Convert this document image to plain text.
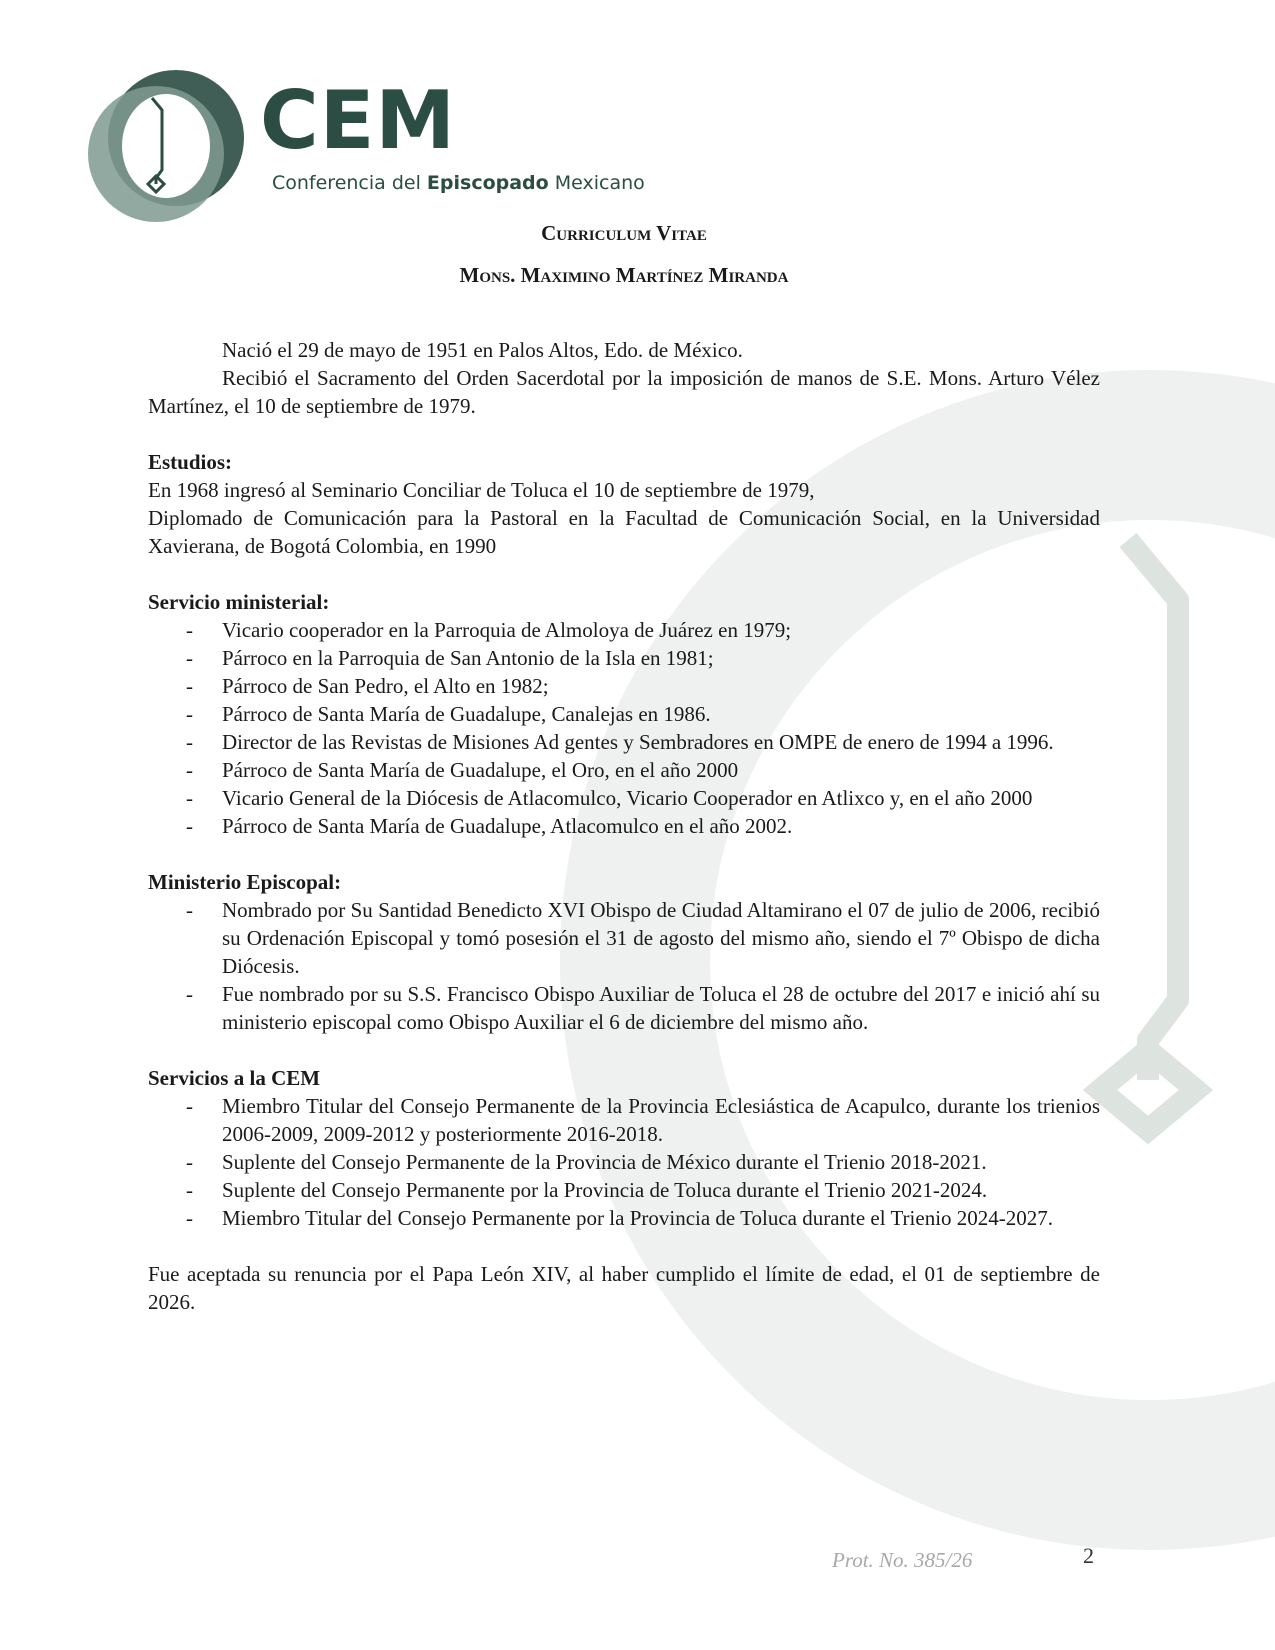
CEM

Conferencia del Episcopado Mexicano

Curriculum Vitae
Mons. Maximino Martínez Miranda

Nació el 29 de mayo de 1951 en Palos Altos, Edo. de México.

Recibió el Sacramento del Orden Sacerdotal por la imposición de manos de S.E. Mons. Arturo Vélez Martínez, el 10 de septiembre de 1979.

Estudios:

En 1968 ingresó al Seminario Conciliar de Toluca el 10 de septiembre de 1979,

Diplomado de Comunicación para la Pastoral en la Facultad de Comunicación Social, en la Universidad Xavierana, de Bogotá Colombia, en 1990

Servicio ministerial:
- Vicario cooperador en la Parroquia de Almoloya de Juárez en 1979;
- Párroco en la Parroquia de San Antonio de la Isla en 1981;
- Párroco de San Pedro, el Alto en 1982;
- Párroco de Santa María de Guadalupe, Canalejas en 1986.
- Director de las Revistas de Misiones Ad gentes y Sembradores en OMPE de enero de 1994 a 1996.
- Párroco de Santa María de Guadalupe, el Oro, en el año 2000
- Vicario General de la Diócesis de Atlacomulco, Vicario Cooperador en Atlixco y, en el año 2000
- Párroco de Santa María de Guadalupe, Atlacomulco en el año 2002.
Ministerio Episcopal:
- Nombrado por Su Santidad Benedicto XVI Obispo de Ciudad Altamirano el 07 de julio de 2006, recibió su Ordenación Episcopal y tomó posesión el 31 de agosto del mismo año, siendo el 7º Obispo de dicha Diócesis.
- Fue nombrado por su S.S. Francisco Obispo Auxiliar de Toluca el 28 de octubre del 2017 e inició ahí su ministerio episcopal como Obispo Auxiliar el 6 de diciembre del mismo año.
Servicios a la CEM
- Miembro Titular del Consejo Permanente de la Provincia Eclesiástica de Acapulco, durante los trienios 2006-2009, 2009-2012 y posteriormente 2016-2018.
- Suplente del Consejo Permanente de la Provincia de México durante el Trienio 2018-2021.
- Suplente del Consejo Permanente por la Provincia de Toluca durante el Trienio 2021-2024.
- Miembro Titular del Consejo Permanente por la Provincia de Toluca durante el Trienio 2024-2027.

Fue aceptada su renuncia por el Papa León XIV, al haber cumplido el límite de edad, el 01 de septiembre de 2026.

Prot. No. 385/26	2
